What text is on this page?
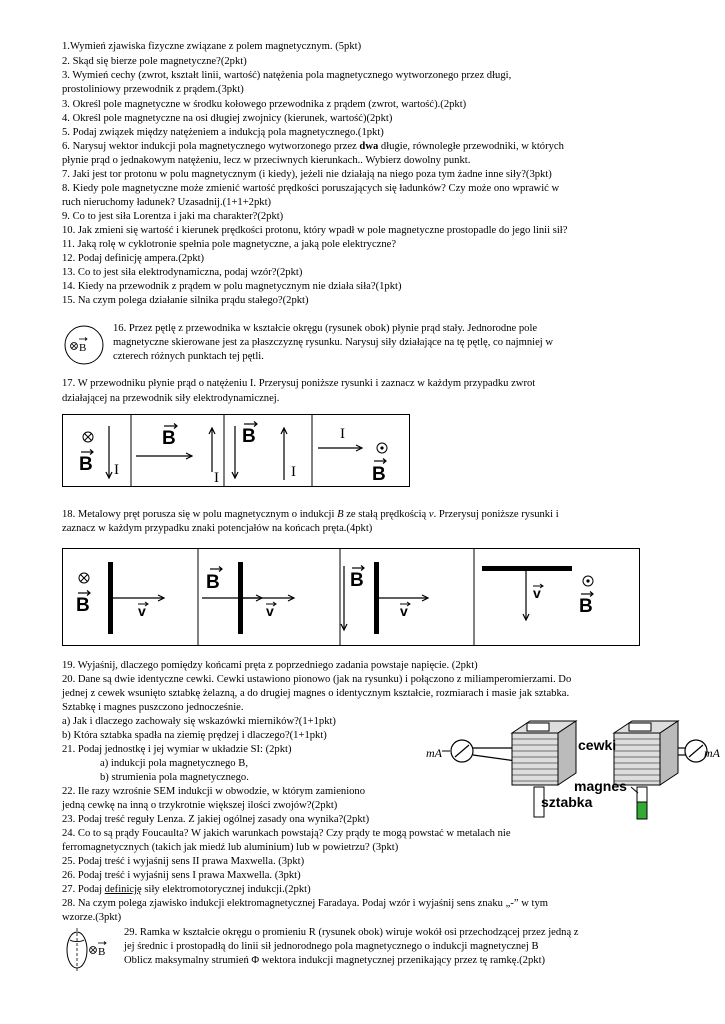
1.Wymień zjawiska fizyczne związane z polem magnetycznym. (5pkt)
2. Skąd się bierze pole magnetyczne?(2pkt)
3. Wymień cechy (zwrot, kształt linii, wartość) natężenia pola magnetycznego wytworzonego przez długi,
prostoliniowy przewodnik z prądem.(3pkt)
3. Określ pole magnetyczne w środku kołowego przewodnika z prądem (zwrot, wartość).(2pkt)
4. Określ pole magnetyczne na osi długiej zwojnicy (kierunek, wartość)(2pkt)
5. Podaj związek między natężeniem a indukcją pola magnetycznego.(1pkt)
6. Narysuj wektor indukcji pola magnetycznego wytworzonego przez dwa długie, równoległe przewodniki, w których
płynie prąd o jednakowym natężeniu, lecz w przeciwnych kierunkach.. Wybierz dowolny punkt.
7. Jaki jest tor protonu w polu magnetycznym (i kiedy), jeżeli nie działają na niego poza tym żadne inne siły?(3pkt)
8. Kiedy pole magnetyczne może zmienić wartość prędkości poruszających się ładunków? Czy może ono wprawić w
ruch nieruchomy ładunek? Uzasadnij.(1+1+2pkt)
9. Co to jest siła Lorentza i jaki ma charakter?(2pkt)
10. Jak zmieni się wartość i kierunek prędkości protonu, który wpadł w pole magnetyczne prostopadle do jego linii sił?
11. Jaką rolę w cyklotronie spełnia pole magnetyczne, a jaką pole elektryczne?
12. Podaj definicję ampera.(2pkt)
13. Co to jest siła elektrodynamiczna, podaj wzór?(2pkt)
14. Kiedy na przewodnik z prądem w polu magnetycznym nie działa siła?(1pkt)
15. Na czym polega działanie silnika prądu stałego?(2pkt)
B
16. Przez pętlę z przewodnika w kształcie okręgu (rysunek obok) płynie prąd stały. Jednorodne pole
magnetyczne skierowane jest za płaszczyznę rysunku. Narysuj siły działające na tę pętlę, co najmniej w
czterech różnych punktach tej pętli.
17. W przewodniku płynie prąd o natężeniu I. Przerysuj poniższe rysunki i zaznacz w każdym przypadku zwrot
działającej na przewodnik siły elektrodynamicznej.
B I
B
I
B
I
I
B
18. Metalowy pręt porusza się w polu magnetycznym o indukcji B ze stałą prędkością v. Przerysuj poniższe rysunki i
zaznacz w każdym przypadku znaki potencjałów na końcach pręta.(4pkt)
B	v
B
v
B
v
v
B
19. Wyjaśnij, dlaczego pomiędzy końcami pręta z poprzedniego zadania powstaje napięcie. (2pkt)
20. Dane są dwie identyczne cewki. Cewki ustawiono pionowo (jak na rysunku) i połączono z miliamperomierzami. Do
jednej z cewek wsunięto sztabkę żelazną, a do drugiej magnes o identycznym kształcie, rozmiarach i masie jak sztabka.
Sztabkę i magnes puszczono jednocześnie.
a) Jak i dlaczego zachowały się wskazówki mierników?(1+1pkt)
b) Która sztabka spadła na ziemię prędzej i dlaczego?(1+1pkt)
21. Podaj jednostkę i jej wymiar w układzie SI: (2pkt)
a) indukcji pola magnetycznego B,
b) strumienia pola magnetycznego.
22. Ile razy wzrośnie SEM indukcji w obwodzie, w którym zamieniono
jedną cewkę na inną o trzykrotnie większej ilości zwojów?(2pkt)
mA	mA
cewki
magnes
sztabka
23. Podaj treść reguły Lenza. Z jakiej ogólnej zasady ona wynika?(2pkt)
24. Co to są prądy Foucaulta? W jakich warunkach powstają? Czy prądy te mogą powstać w metalach nie
ferromagnetycznych (takich jak miedź lub aluminium) lub w powietrzu? (3pkt)
25. Podaj treść i wyjaśnij sens II prawa Maxwella. (3pkt)
26. Podaj treść i wyjaśnij sens I prawa Maxwella. (3pkt)
27. Podaj definicję siły elektromotorycznej indukcji.(2pkt)
28. Na czym polega zjawisko indukcji elektromagnetycznej Faradaya. Podaj wzór i wyjaśnij sens znaku „-” w tym
wzorze.(3pkt)
B
29. Ramka w kształcie okręgu o promieniu R (rysunek obok) wiruje wokół osi przechodzącej przez jedną z
jej średnic i prostopadłą do linii sił jednorodnego pola magnetycznego o indukcji magnetycznej B
Oblicz maksymalny strumień Φ wektora indukcji magnetycznej przenikający przez tę ramkę.(2pkt)
